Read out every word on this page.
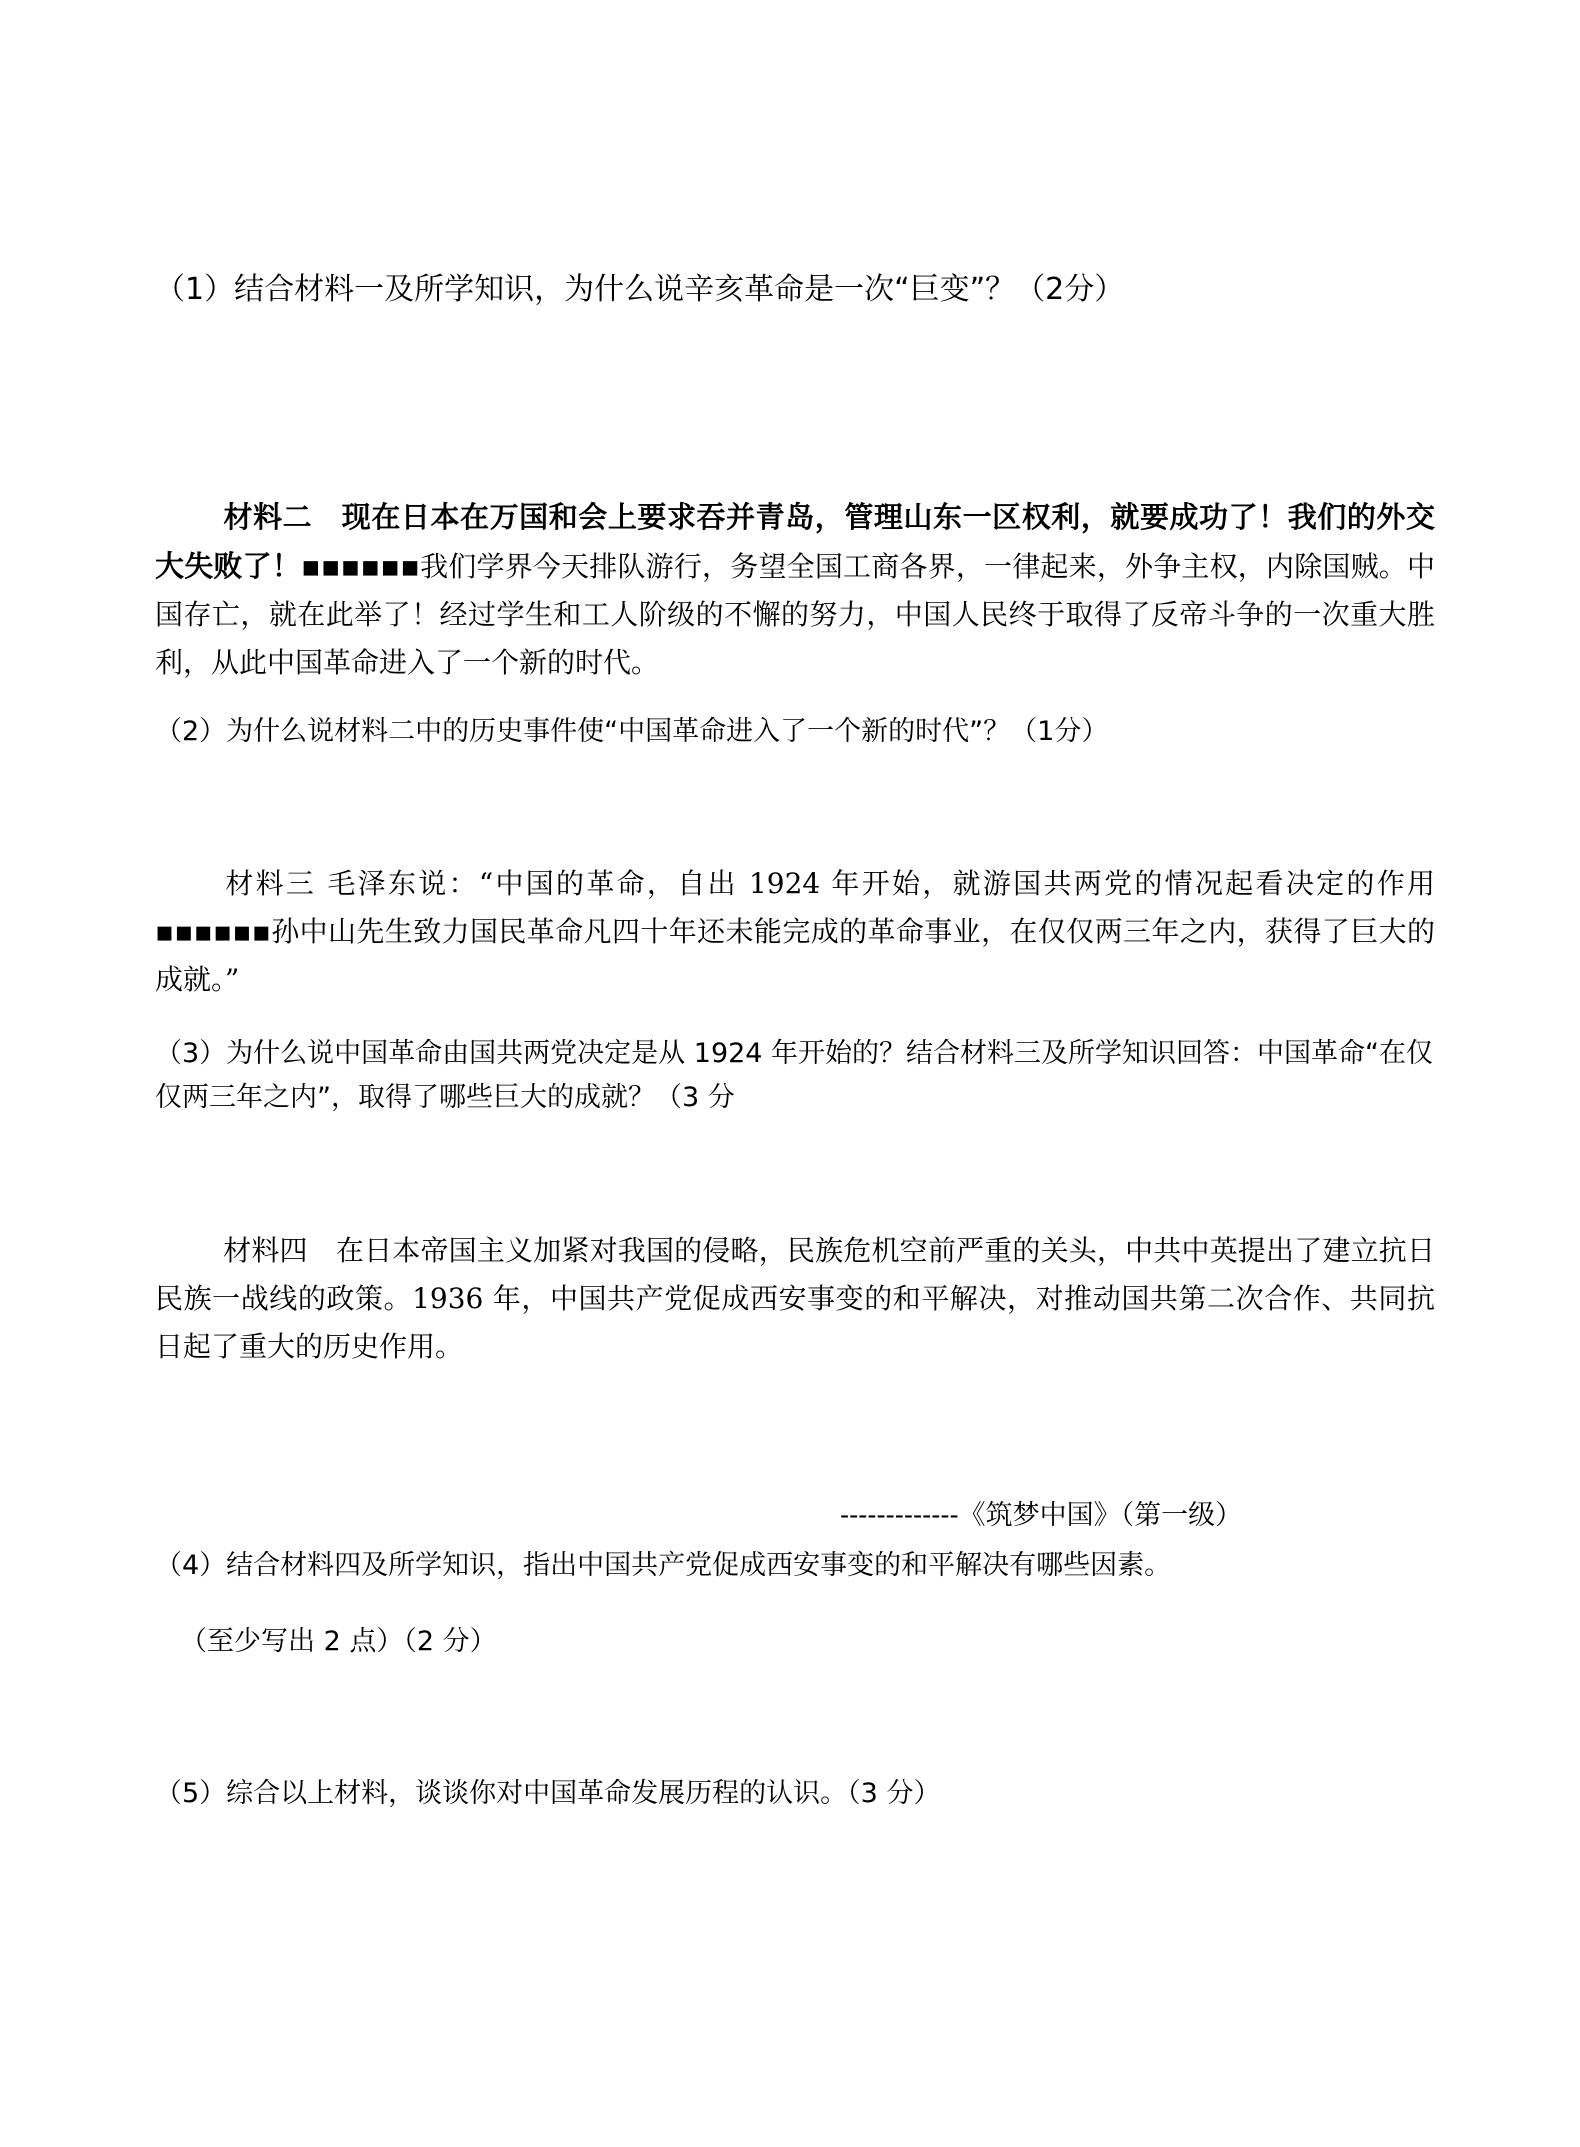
（1）结合材料一及所学知识，为什么说辛亥革命是一次“巨变”？（2分）

材料二　现在日本在万国和会上要求吞并青岛，管理山东一区权利，就要成功了！我们的外交大失败了！▪▪▪▪▪▪我们学界今天排队游行，务望全国工商各界，一律起来，外争主权，内除国贼。中国存亡，就在此举了！经过学生和工人阶级的不懈的努力，中国人民终于取得了反帝斗争的一次重大胜利，从此中国革命进入了一个新的时代。

（2）为什么说材料二中的历史事件使“中国革命进入了一个新的时代”？（1分）

材料三 毛泽东说：“中国的革命，自出 1924 年开始，就游国共两党的情况起看决定的作用▪▪▪▪▪▪孙中山先生致力国民革命凡四十年还未能完成的革命事业，在仅仅两三年之内，获得了巨大的成就。”

（3）为什么说中国革命由国共两党决定是从 1924 年开始的？结合材料三及所学知识回答：中国革命“在仅仅两三年之内”，取得了哪些巨大的成就？（3 分

材料四　在日本帝国主义加紧对我国的侵略，民族危机空前严重的关头，中共中英提出了建立抗日民族一战线的政策。1936 年，中国共产党促成西安事变的和平解决，对推动国共第二次合作、共同抗日起了重大的历史作用。

-------------《筑梦中国》（第一级）

（4）结合材料四及所学知识，指出中国共产党促成西安事变的和平解决有哪些因素。

（至少写出 2 点）（2 分）

（5）综合以上材料，谈谈你对中国革命发展历程的认识。（3 分）
